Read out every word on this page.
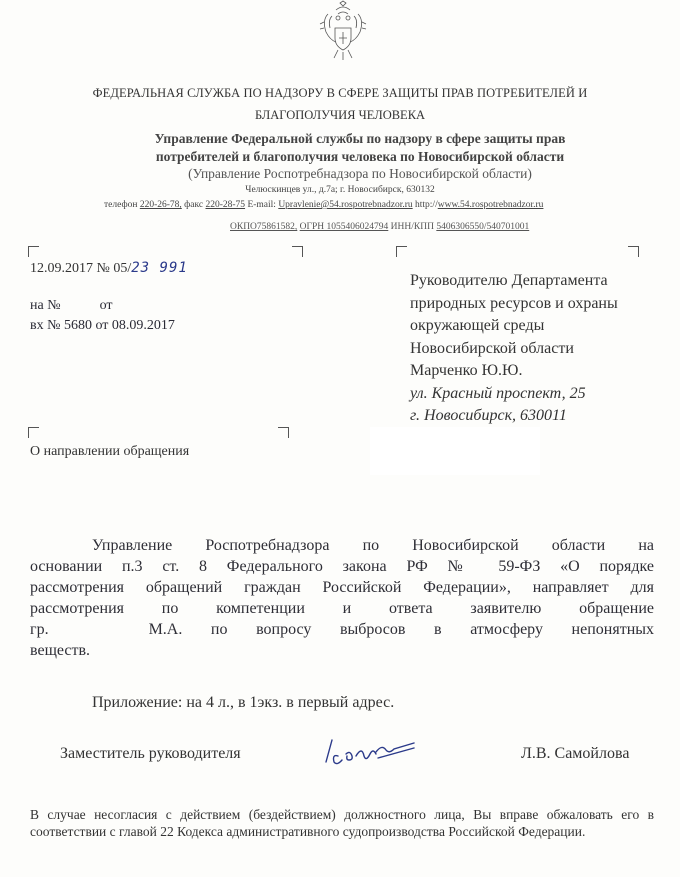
ФЕДЕРАЛЬНАЯ СЛУЖБА ПО НАДЗОРУ В СФЕРЕ ЗАЩИТЫ ПРАВ ПОТРЕБИТЕЛЕЙ И
БЛАГОПОЛУЧИЯ ЧЕЛОВЕКА
Управление Федеральной службы по надзору в сфере защиты прав
потребителей и благополучия человека по Новосибирской области
(Управление Роспотребнадзора по Новосибирской области)
Челюскинцев ул., д.7а; г. Новосибирск, 630132
телефон 220-26-78, факс 220-28-75 E-mail: Upravlenie@54.rospotrebnadzor.ru http://www.54.rospotrebnadzor.ru
ОКПО75861582, ОГРН 1055406024794 ИНН/КПП 5406306550/540701001
12.09.2017 № 05/23 991
на №	от
вх № 5680 от 08.09.2017
Руководителю Департамента
природных ресурсов и охраны
окружающей среды
Новосибирской области
Марченко Ю.Ю.
ул. Красный проспект, 25
г. Новосибирск, 630011
О направлении обращения
Управление Роспотребнадзора по Новосибирской области на
основании п.3 ст. 8 Федерального закона РФ № 59-ФЗ «О порядке
рассмотрения обращений граждан Российской Федерации», направляет для
рассмотрения по компетенции и ответа заявителю обращение
гр.	М.А. по вопросу выбросов в атмосферу непонятных
веществ.
Приложение: на 4 л., в 1экз. в первый адрес.
Заместитель руководителя	Л.В. Самойлова
В случае несогласия с действием (бездействием) должностного лица, Вы вправе обжаловать его в соответствии с главой 22 Кодекса административного судопроизводства Российской Федерации.
